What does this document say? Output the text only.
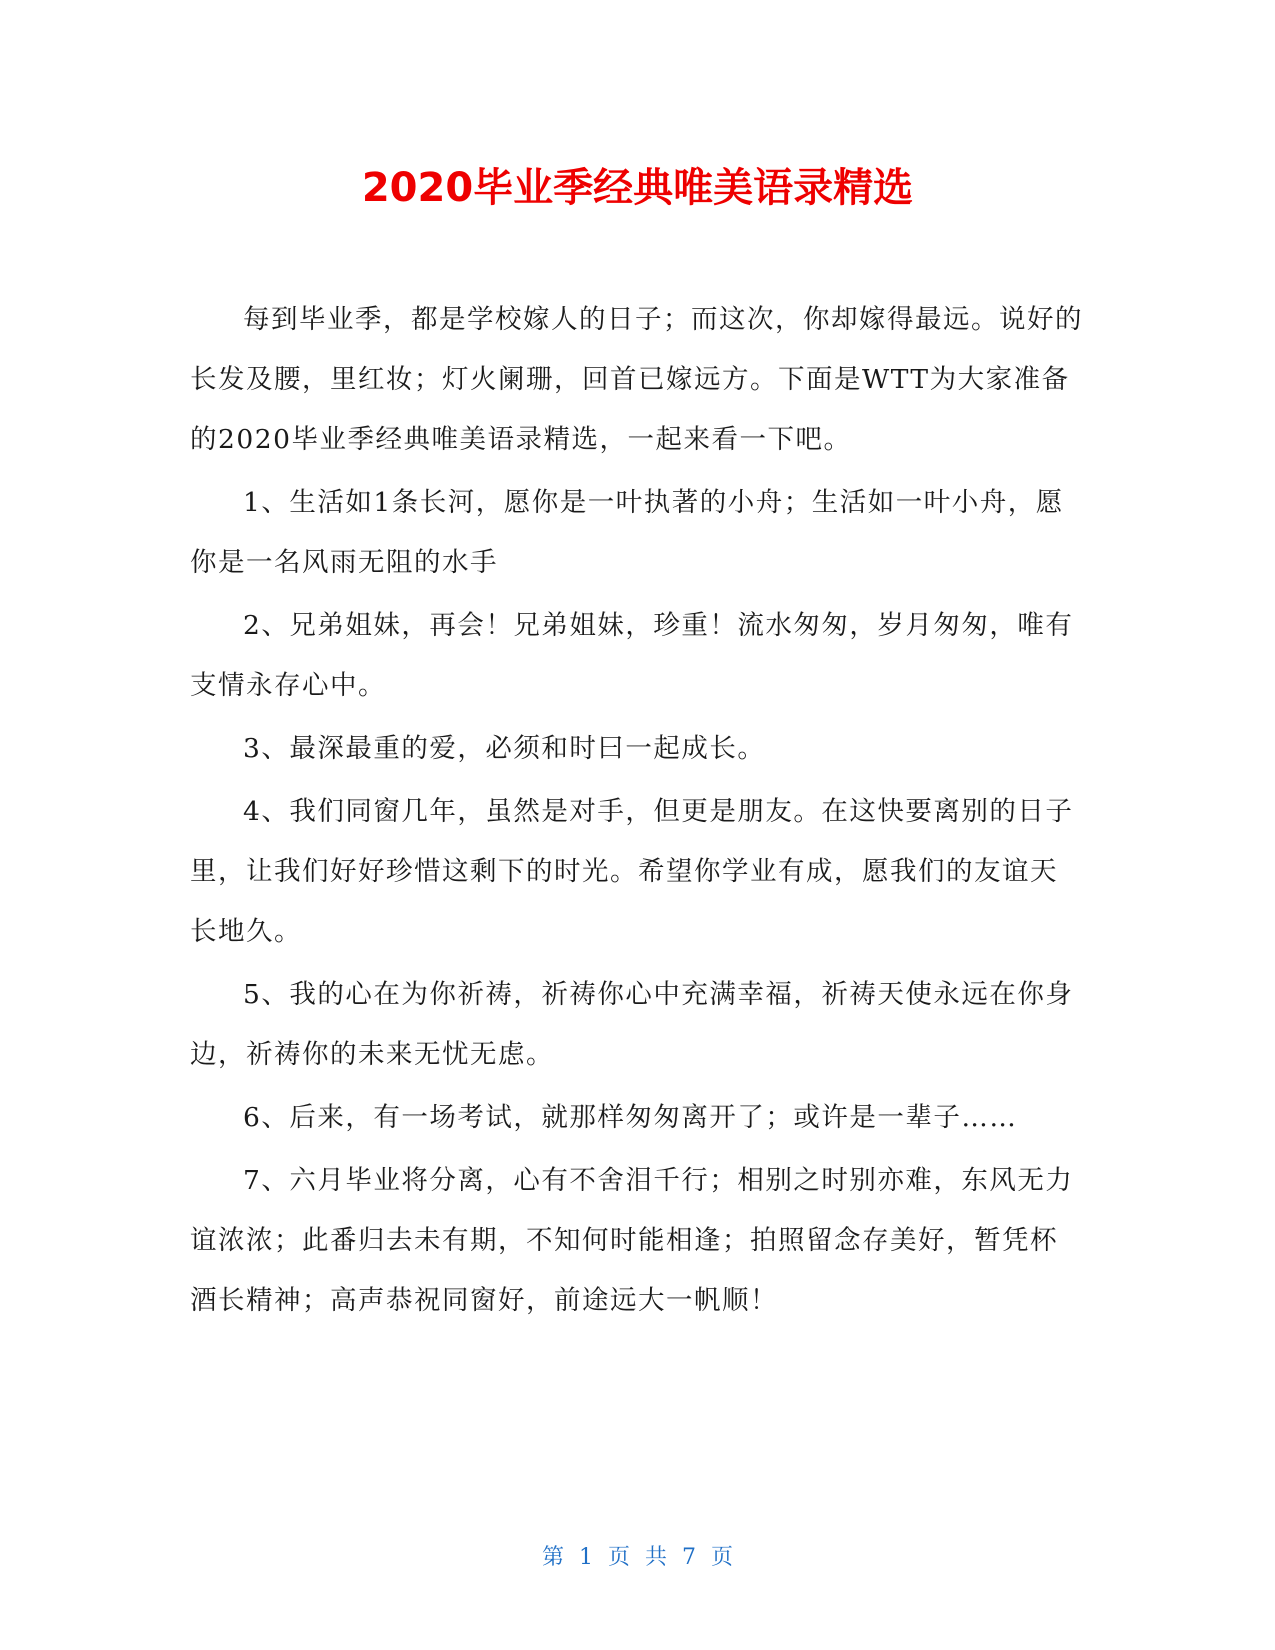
2020毕业季经典唯美语录精选

每到毕业季，都是学校嫁人的日子；而这次，你却嫁得最远。说好的长发及腰，里红妆；灯火阑珊，回首已嫁远方。下面是WTT为大家准备的2020毕业季经典唯美语录精选，一起来看一下吧。

1、生活如1条长河，愿你是一叶执著的小舟；生活如一叶小舟，愿你是一名风雨无阻的水手

2、兄弟姐妹，再会！兄弟姐妹，珍重！流水匆匆，岁月匆匆，唯有支情永存心中。

3、最深最重的爱，必须和时曰一起成长。

4、我们同窗几年，虽然是对手，但更是朋友。在这快要离别的日子里，让我们好好珍惜这剩下的时光。希望你学业有成，愿我们的友谊天长地久。

5、我的心在为你祈祷，祈祷你心中充满幸福，祈祷天使永远在你身边，祈祷你的未来无忧无虑。

6、后来，有一场考试，就那样匆匆离开了；或许是一辈子……

7、六月毕业将分离，心有不舍泪千行；相别之时别亦难，东风无力谊浓浓；此番归去未有期，不知何时能相逢；拍照留念存美好，暂凭杯酒长精神；高声恭祝同窗好，前途远大一帆顺！

第 1 页 共 7 页
